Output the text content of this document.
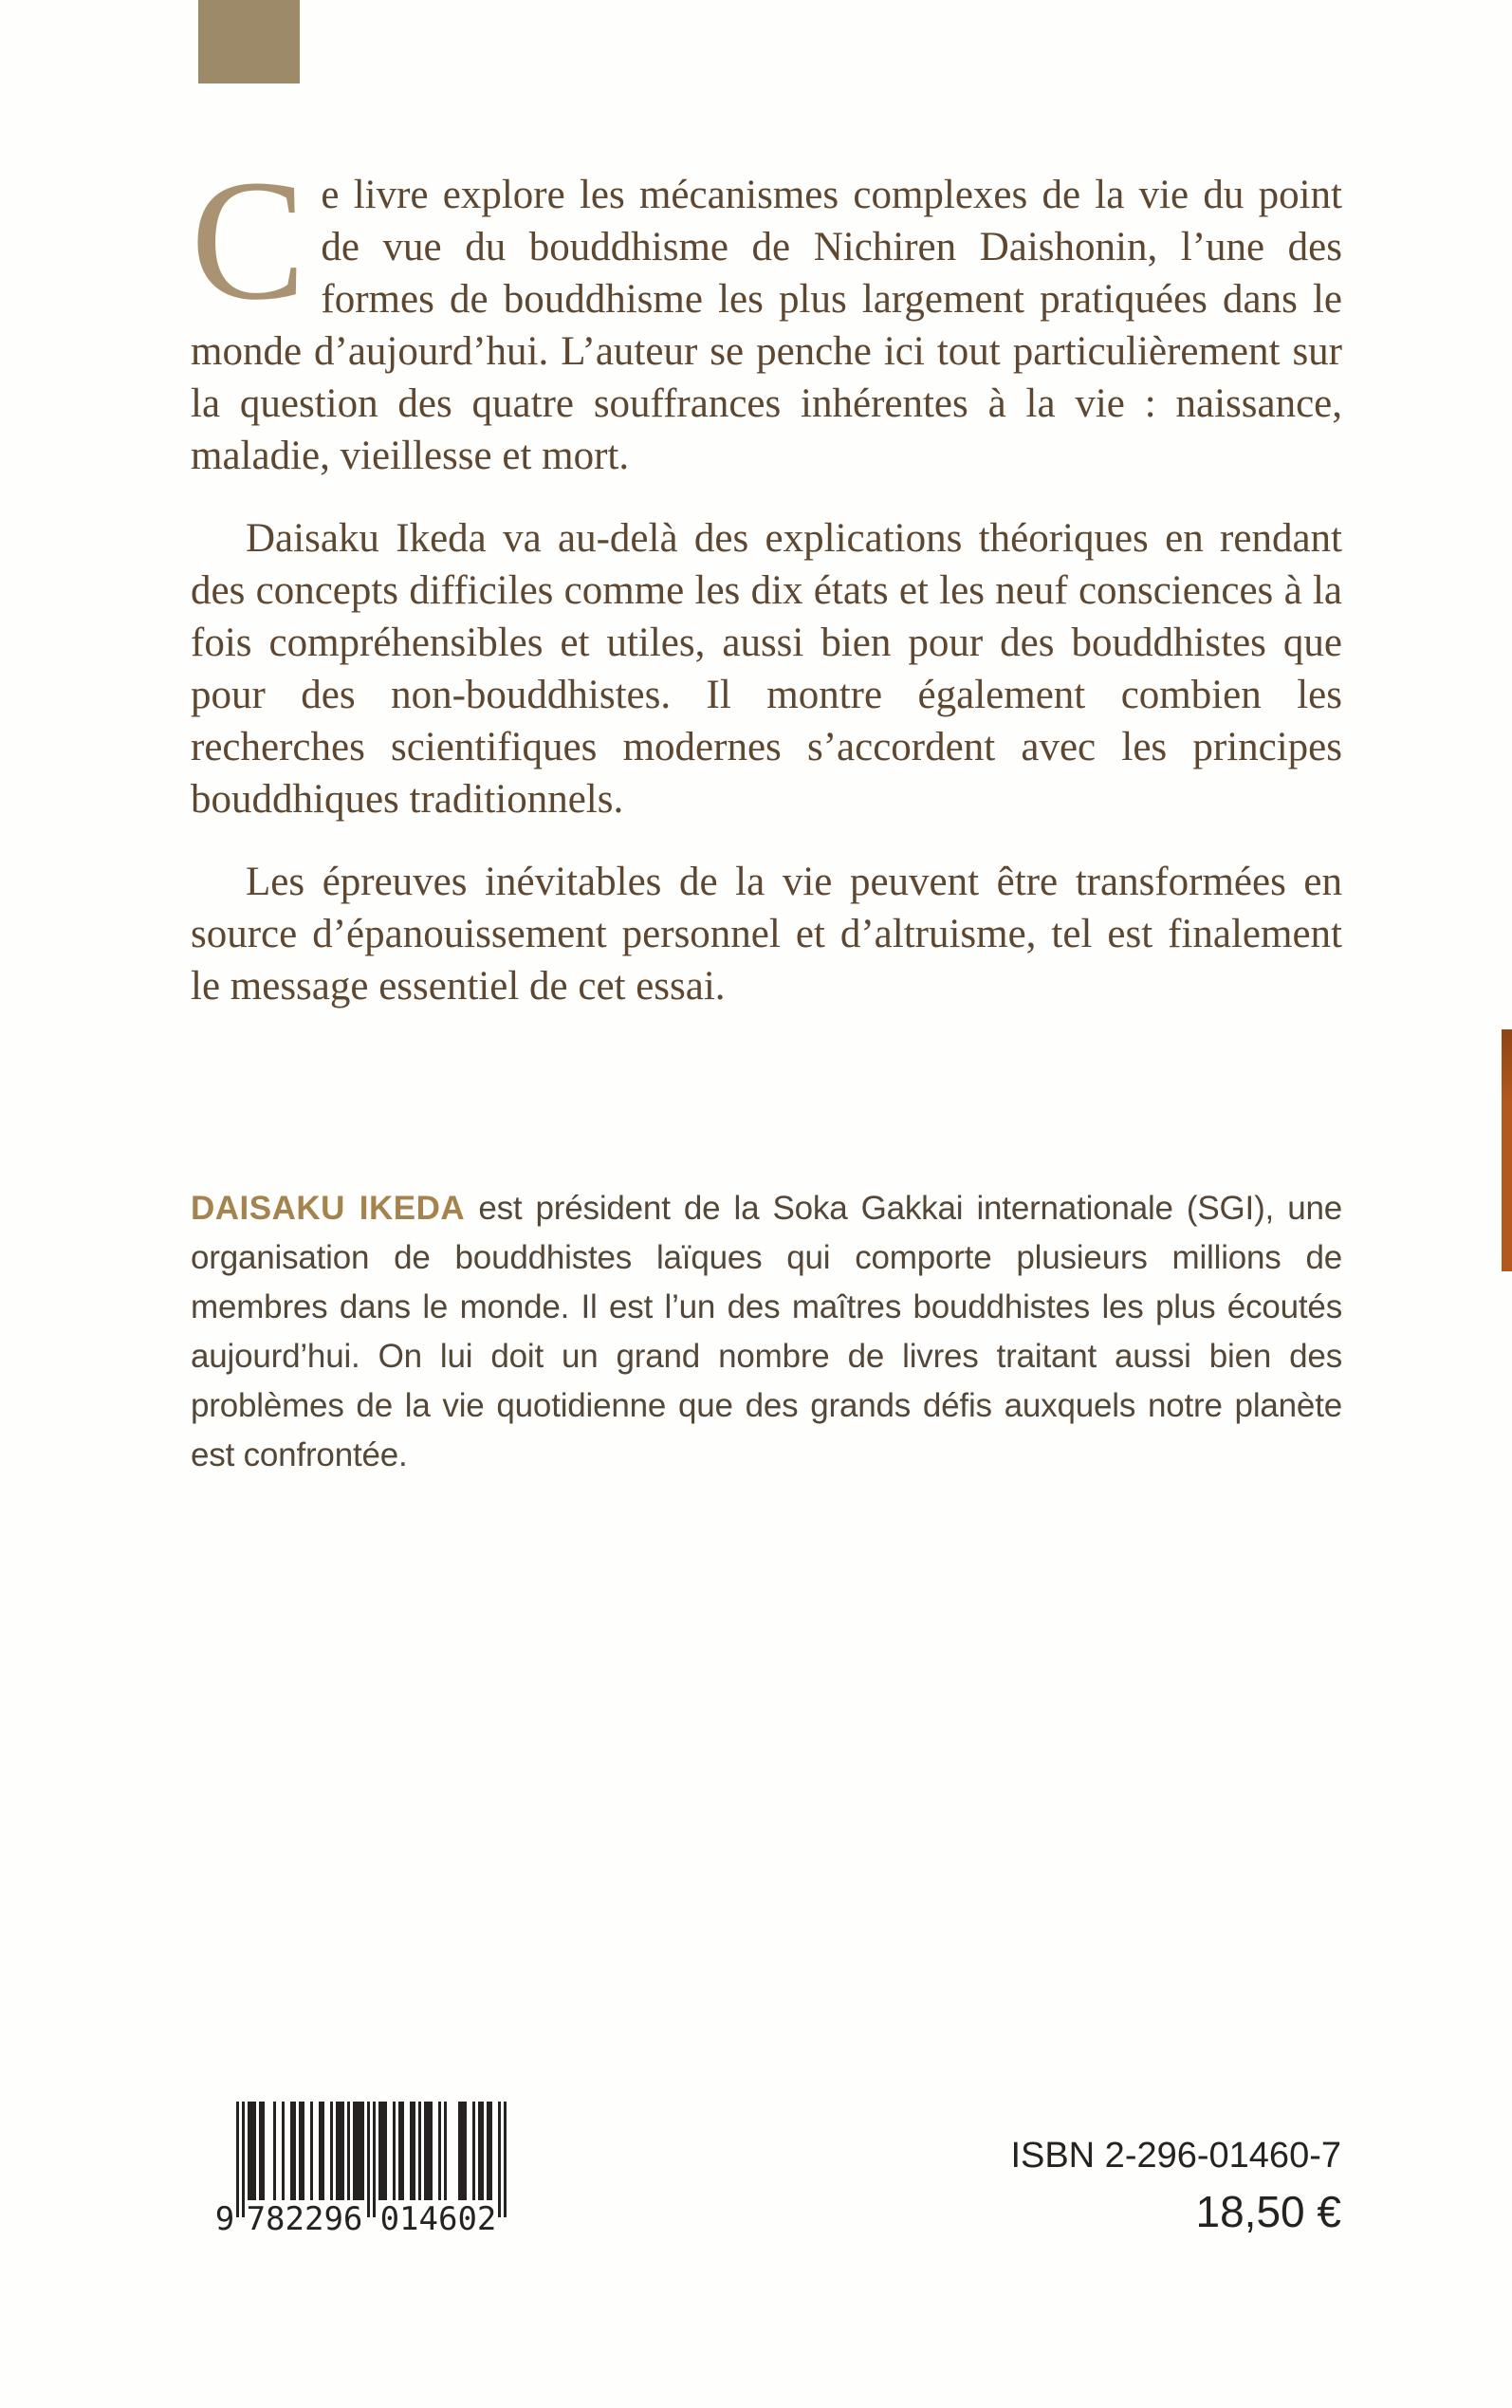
Ce livre explore les mécanismes complexes de la vie du point de vue du bouddhisme de Nichiren Daishonin, l’une des formes de bouddhisme les plus largement pratiquées dans le monde d’aujourd’hui. L’auteur se penche ici tout particulièrement sur la question des quatre souffrances inhérentes à la vie : naissance, maladie, vieillesse et mort.

Daisaku Ikeda va au-delà des explications théoriques en rendant des concepts difficiles comme les dix états et les neuf consciences à la fois compréhensibles et utiles, aussi bien pour des bouddhistes que pour des non-bouddhistes. Il montre également combien les recherches scientifiques modernes s’accordent avec les principes bouddhiques traditionnels.

Les épreuves inévitables de la vie peuvent être transformées en source d’épanouissement personnel et d’altruisme, tel est finalement le message essentiel de cet essai.

DAISAKU IKEDA est président de la Soka Gakkai internationale (SGI), une organisation de bouddhistes laïques qui comporte plusieurs millions de membres dans le monde. Il est l’un des maîtres bouddhistes les plus écoutés aujourd’hui. On lui doit un grand nombre de livres traitant aussi bien des problèmes de la vie quotidienne que des grands défis auxquels notre planète est confrontée.

9 782296 014602
ISBN 2-296-01460-7
18,50 €
